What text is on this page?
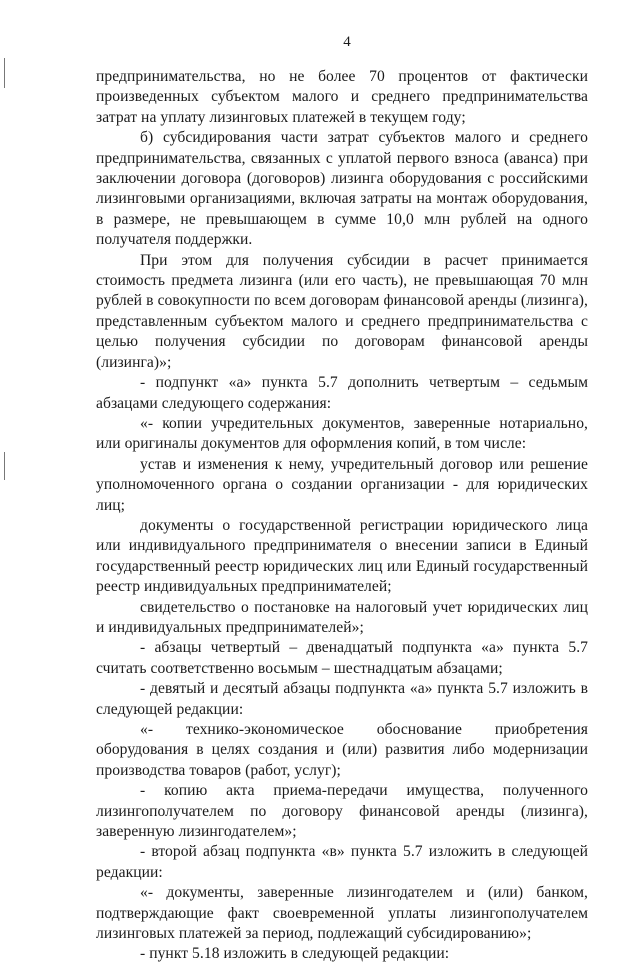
4

предпринимательства, но не более 70 процентов от фактически произведенных субъектом малого и среднего предпринимательства затрат на уплату лизинговых платежей в текущем году;

б) субсидирования части затрат субъектов малого и среднего предпринимательства, связанных с уплатой первого взноса (аванса) при заключении договора (договоров) лизинга оборудования с российскими лизинговыми организациями, включая затраты на монтаж оборудования, в размере, не превышающем в сумме 10,0 млн рублей на одного получателя поддержки.

При этом для получения субсидии в расчет принимается стоимость предмета лизинга (или его часть), не превышающая 70 млн рублей в совокупности по всем договорам финансовой аренды (лизинга), представленным субъектом малого и среднего предпринимательства с целью получения субсидии по договорам финансовой аренды (лизинга)»;

- подпункт «а» пункта 5.7 дополнить четвертым – седьмым абзацами следующего содержания:

«- копии учредительных документов, заверенные нотариально, или оригиналы документов для оформления копий, в том числе:

устав и изменения к нему, учредительный договор или решение уполномоченного органа о создании организации - для юридических лиц;

документы о государственной регистрации юридического лица или индивидуального предпринимателя о внесении записи в Единый государственный реестр юридических лиц или Единый государственный реестр индивидуальных предпринимателей;

свидетельство о постановке на налоговый учет юридических лиц и индивидуальных предпринимателей»;

- абзацы четвертый – двенадцатый подпункта «а» пункта 5.7 считать соответственно восьмым – шестнадцатым абзацами;

- девятый и десятый абзацы подпункта «а» пункта 5.7 изложить в следующей редакции:

«- технико-экономическое обоснование приобретения оборудования в целях создания и (или) развития либо модернизации производства товаров (работ, услуг);

- копию акта приема-передачи имущества, полученного лизингополучателем по договору финансовой аренды (лизинга), заверенную лизингодателем»;

- второй абзац подпункта «в» пункта 5.7 изложить в следующей редакции:

«- документы, заверенные лизингодателем и (или) банком, подтверждающие факт своевременной уплаты лизингополучателем лизинговых платежей за период, подлежащий субсидированию»;

- пункт 5.18 изложить в следующей редакции:
